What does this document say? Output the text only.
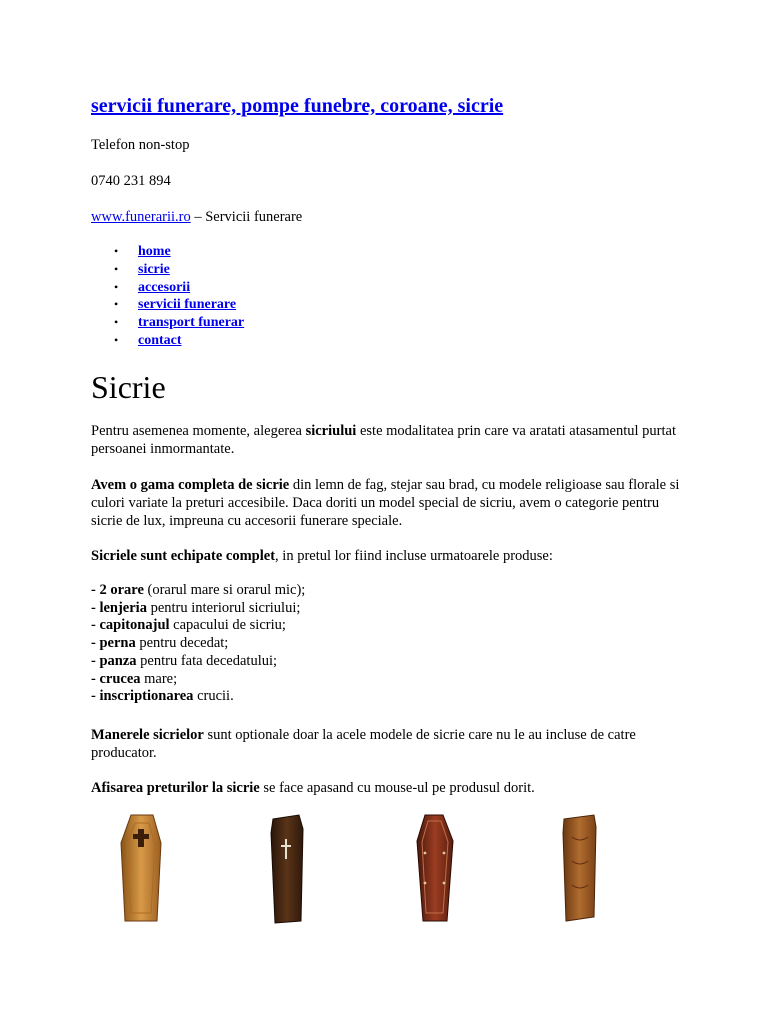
servicii funerare, pompe funebre, coroane, sicrie

Telefon non-stop

0740 231 894

www.funerarii.ro – Servicii funerare

• home
• sicrie
• accesorii
• servicii funerare
• transport funerar
• contact
Sicrie

Pentru asemenea momente, alegerea sicriului este modalitatea prin care va aratati atasamentul purtat persoanei inmormantate.

Avem o gama completa de sicrie din lemn de fag, stejar sau brad, cu modele religioase sau florale si culori variate la preturi accesibile. Daca doriti un model special de sicriu, avem o categorie pentru sicrie de lux, impreuna cu accesorii funerare speciale.

Sicriele sunt echipate complet, in pretul lor fiind incluse urmatoarele produse:

- 2 orare (orarul mare si orarul mic);
- lenjeria pentru interiorul sicriului;
- capitonajul capacului de sicriu;
- perna pentru decedat;
- panza pentru fata decedatului;
- crucea mare;
- inscriptionarea crucii.

Manerele sicrielor sunt optionale doar la acele modele de sicrie care nu le au incluse de catre producator.

Afisarea preturilor la sicrie se face apasand cu mouse-ul pe produsul dorit.
